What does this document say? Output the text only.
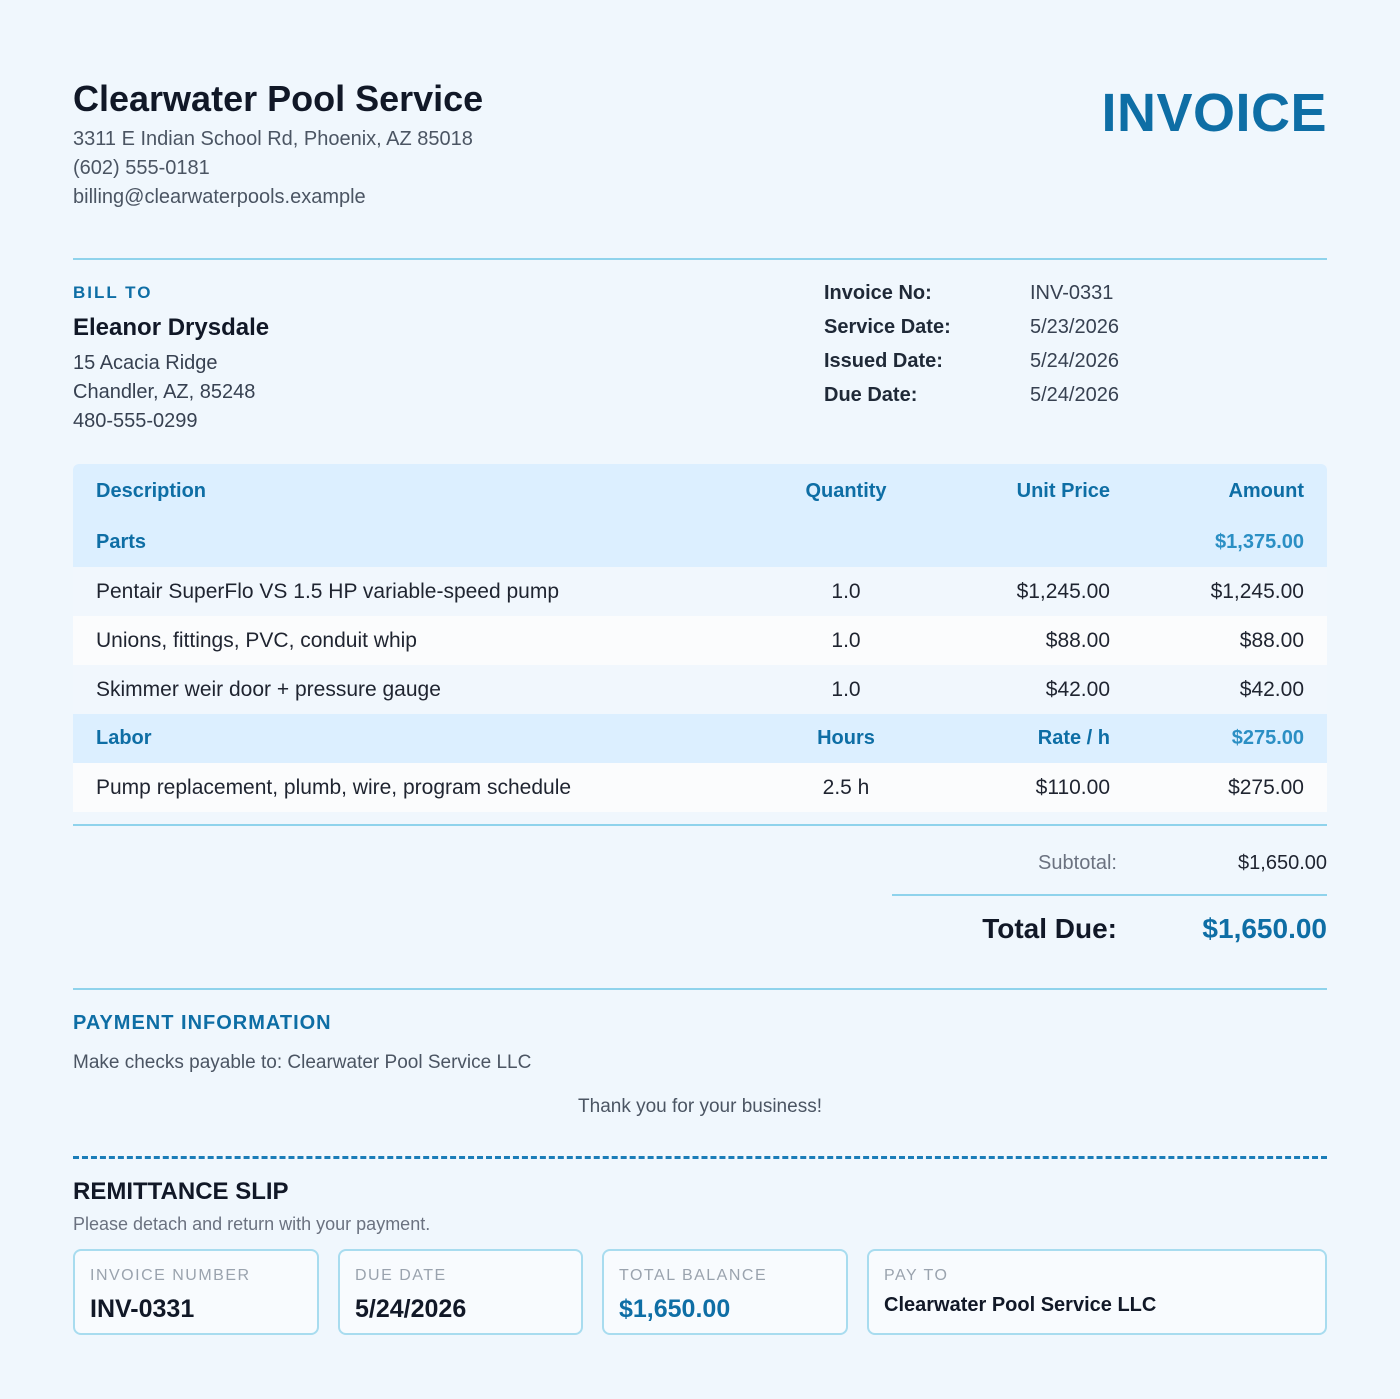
Clearwater Pool Service
3311 E Indian School Rd, Phoenix, AZ 85018
(602) 555-0181
billing@clearwaterpools.example
INVOICE
BILL TO
Eleanor Drysdale
15 Acacia Ridge
Chandler, AZ, 85248
480-555-0299
Invoice No:	INV-0331
Service Date:	5/23/2026
Issued Date:	5/24/2026
Due Date:	5/24/2026
Description	Quantity	Unit Price	Amount
Parts	$1,375.00
Pentair SuperFlo VS 1.5 HP variable-speed pump	1.0	$1,245.00	$1,245.00
Unions, fittings, PVC, conduit whip	1.0	$88.00	$88.00
Skimmer weir door + pressure gauge	1.0	$42.00	$42.00
Labor	Hours	Rate / h	$275.00
Pump replacement, plumb, wire, program schedule	2.5 h	$110.00	$275.00
Subtotal:	$1,650.00
Total Due:	$1,650.00
PAYMENT INFORMATION
Make checks payable to: Clearwater Pool Service LLC
Thank you for your business!
REMITTANCE SLIP
Please detach and return with your payment.
INVOICE NUMBER
INV-0331
DUE DATE
5/24/2026
TOTAL BALANCE
$1,650.00
PAY TO
Clearwater Pool Service LLC
